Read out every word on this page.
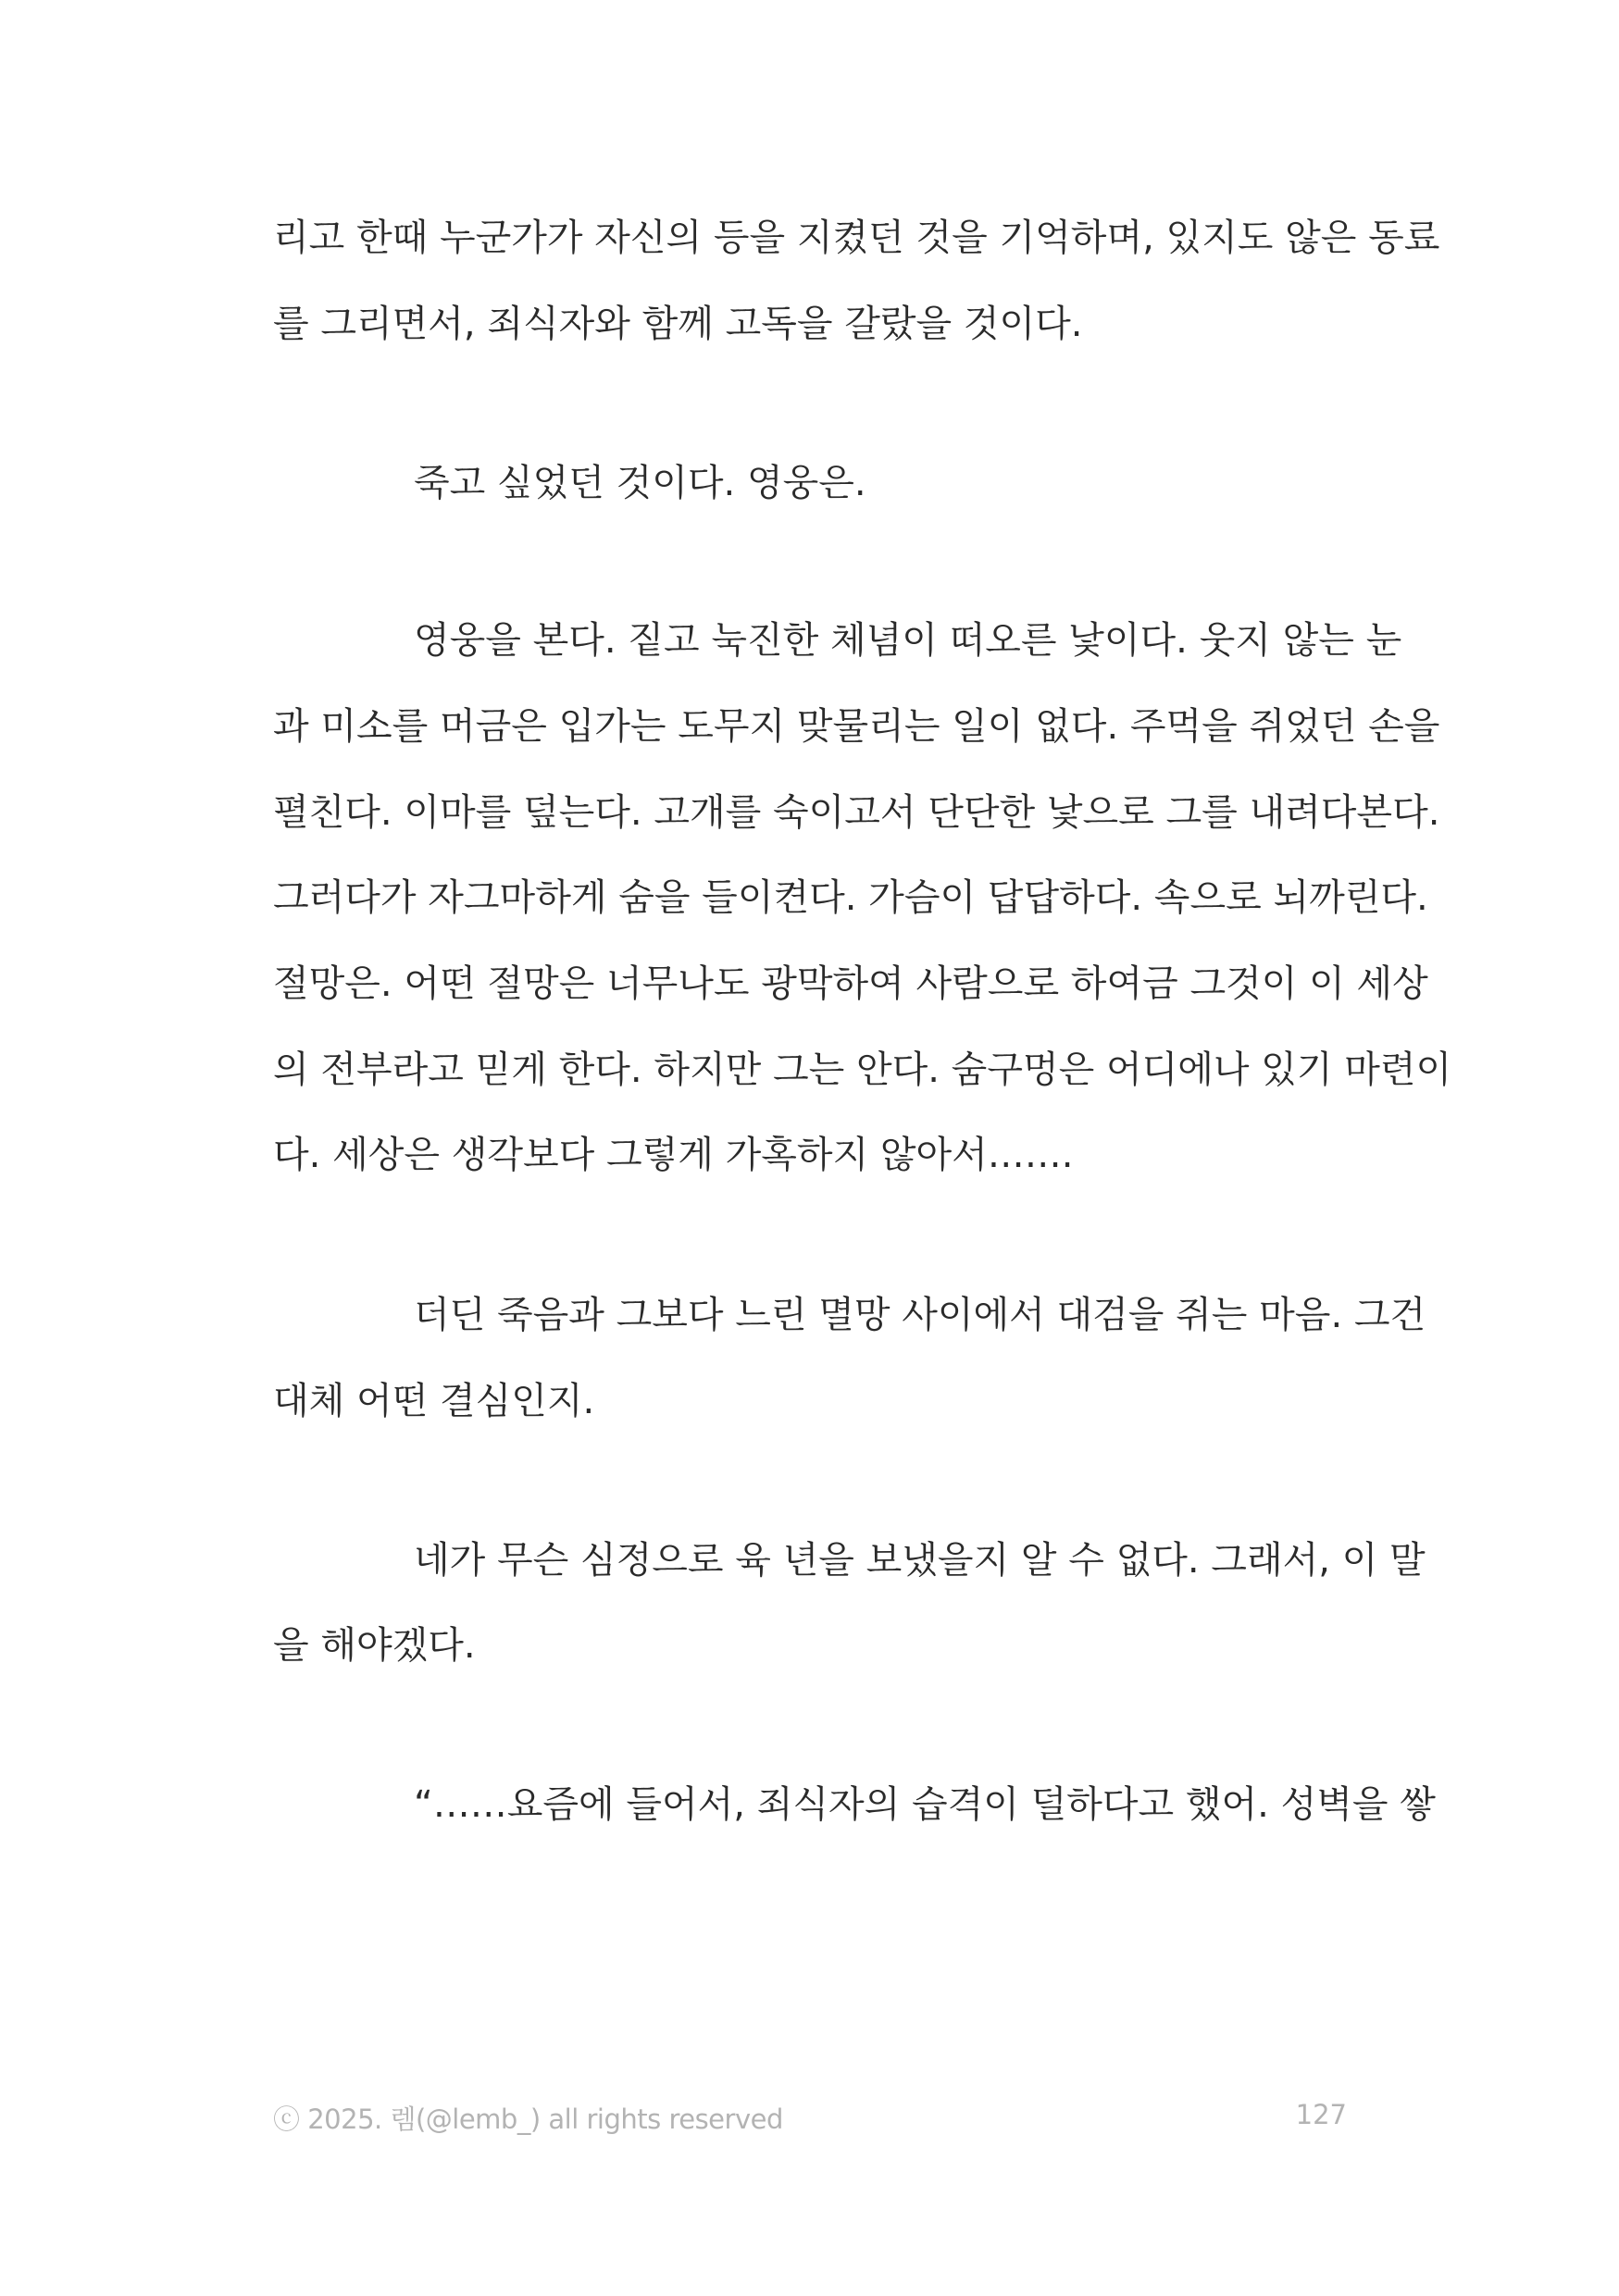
리고 한때 누군가가 자신의 등을 지켰던 것을 기억하며, 있지도 않은 동료
를 그리면서, 죄식자와 함께 고독을 갈랐을 것이다.
죽고 싶었던 것이다. 영웅은.
영웅을 본다. 짙고 눅진한 체념이 떠오른 낯이다. 웃지 않는 눈
과 미소를 머금은 입가는 도무지 맞물리는 일이 없다. 주먹을 쥐었던 손을
펼친다. 이마를 덮는다. 고개를 숙이고서 단단한 낯으로 그를 내려다본다.
그러다가 자그마하게 숨을 들이켠다. 가슴이 답답하다. 속으로 뇌까린다.
절망은. 어떤 절망은 너무나도 광막하여 사람으로 하여금 그것이 이 세상
의 전부라고 믿게 한다. 하지만 그는 안다. 숨구멍은 어디에나 있기 마련이
다. 세상은 생각보다 그렇게 가혹하지 않아서…….
더딘 죽음과 그보다 느린 멸망 사이에서 대검을 쥐는 마음. 그건
대체 어떤 결심인지.
네가 무슨 심정으로 육 년을 보냈을지 알 수 없다. 그래서, 이 말
을 해야겠다.
“……요즘에 들어서, 죄식자의 습격이 덜하다고 했어. 성벽을 쌓
ⓒ 2025. 렘(@lemb_) all rights reserved	127
